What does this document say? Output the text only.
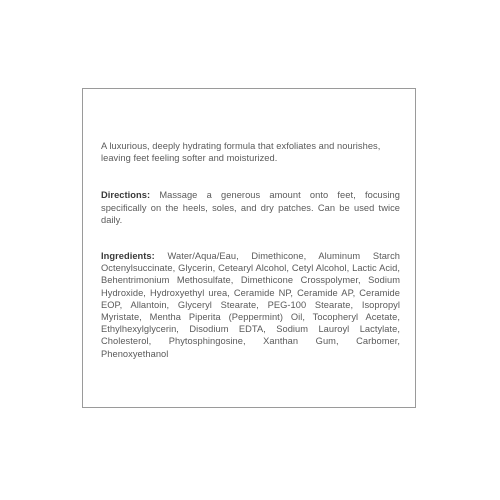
A luxurious, deeply hydrating formula that exfoliates and nourishes, leaving feet feeling softer and moisturized.

Directions: Massage a generous amount onto feet, focusing specifically on the heels, soles, and dry patches. Can be used twice daily.

Ingredients: Water/Aqua/Eau, Dimethicone, Aluminum Starch Octenylsuccinate, Glycerin, Cetearyl Alcohol, Cetyl Alcohol, Lactic Acid, Behentrimonium Methosulfate, Dimethicone Crosspolymer, Sodium Hydroxide, Hydroxyethyl urea, Ceramide NP, Ceramide AP, Ceramide EOP, Allantoin, Glyceryl Stearate, PEG-100 Stearate, Isopropyl Myristate, Mentha Piperita (Peppermint) Oil, Tocopheryl Acetate, Ethylhexylglycerin, Disodium EDTA, Sodium Lauroyl Lactylate, Cholesterol, Phytosphingosine, Xanthan Gum, Carbomer, Phenoxyethanol
